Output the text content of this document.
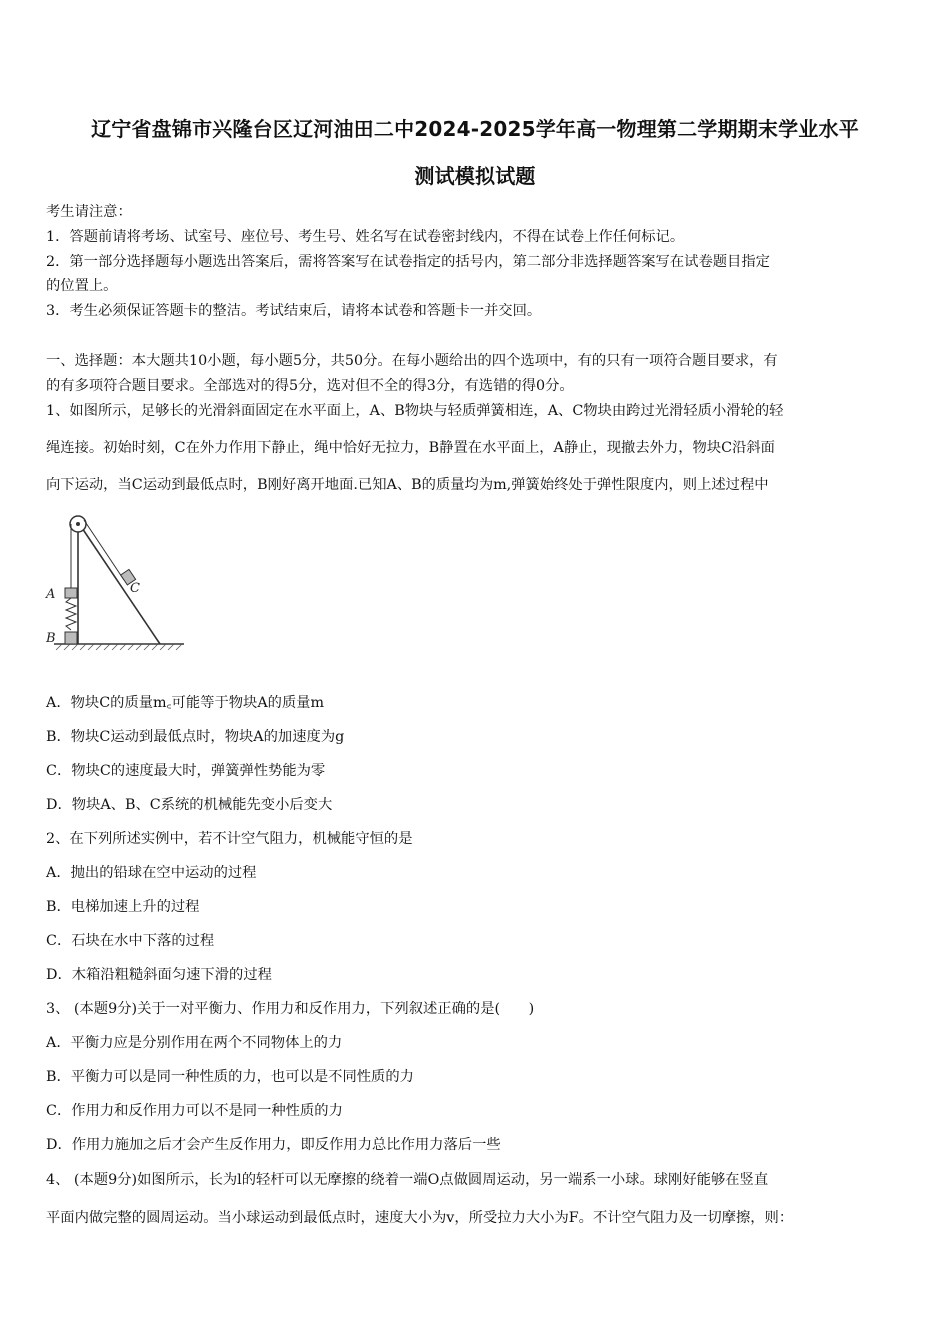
辽宁省盘锦市兴隆台区辽河油田二中2024-2025学年高一物理第二学期期末学业水平
测试模拟试题
考生请注意：
1．答题前请将考场、试室号、座位号、考生号、姓名写在试卷密封线内，不得在试卷上作任何标记。
2．第一部分选择题每小题选出答案后，需将答案写在试卷指定的括号内，第二部分非选择题答案写在试卷题目指定
的位置上。
3．考生必须保证答题卡的整洁。考试结束后，请将本试卷和答题卡一并交回。
一、选择题：本大题共10小题，每小题5分，共50分。在每小题给出的四个选项中，有的只有一项符合题目要求，有
的有多项符合题目要求。全部选对的得5分，选对但不全的得3分，有选错的得0分。
1、如图所示，足够长的光滑斜面固定在水平面上，A、B物块与轻质弹簧相连，A、C物块由跨过光滑轻质小滑轮的轻
绳连接。初始时刻，C在外力作用下静止，绳中恰好无拉力，B静置在水平面上，A静止，现撤去外力，物块C沿斜面
向下运动，当C运动到最低点时，B刚好离开地面.已知A、B的质量均为m,弹簧始终处于弹性限度内，则上述过程中
A
B
C
A．物块C的质量m꜀可能等于物块A的质量m
B．物块C运动到最低点时，物块A的加速度为g
C．物块C的速度最大时，弹簧弹性势能为零
D．物块A、B、C系统的机械能先变小后变大
2、在下列所述实例中，若不计空气阻力，机械能守恒的是
A．抛出的铅球在空中运动的过程
B．电梯加速上升的过程
C．石块在水中下落的过程
D．木箱沿粗糙斜面匀速下滑的过程
3、 (本题9分)关于一对平衡力、作用力和反作用力，下列叙述正确的是(　　)
A．平衡力应是分别作用在两个不同物体上的力
B．平衡力可以是同一种性质的力，也可以是不同性质的力
C．作用力和反作用力可以不是同一种性质的力
D．作用力施加之后才会产生反作用力，即反作用力总比作用力落后一些
4、 (本题9分)如图所示，长为l的轻杆可以无摩擦的绕着一端O点做圆周运动，另一端系一小球。球刚好能够在竖直
平面内做完整的圆周运动。当小球运动到最低点时，速度大小为v，所受拉力大小为F。不计空气阻力及一切摩擦，则：
